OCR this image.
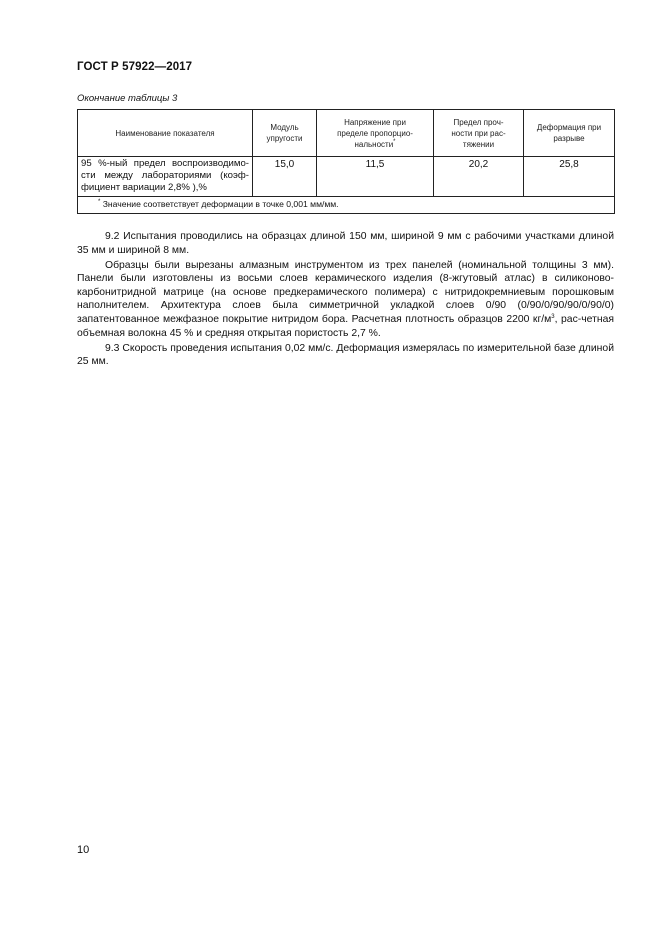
ГОСТ Р 57922—2017
Окончание таблицы 3
Наименование показателя	Модуль упругости	Напряжение при пределе пропорцио-нальности*	Предел проч-ности при рас-тяжении	Деформация при разрыве
95 %-ный предел воспроизводимо-сти между лабораториями (коэф-фициент вариации 2,8% ),%	15,0	11,5	20,2	25,8
* Значение соответствует деформации в точке 0,001 мм/мм.				

9.2 Испытания проводились на образцах длиной 150 мм, шириной 9 мм с рабочими участками длиной 35 мм и шириной 8 мм.

Образцы были вырезаны алмазным инструментом из трех панелей (номинальной толщины 3 мм). Панели были изготовлены из восьми слоев керамического изделия (8-жгутовый атлас) в силиконово-карбонитридной матрице (на основе предкерамического полимера) с нитридокремниевым порошковым наполнителем. Архитектура слоев была симметричной укладкой слоев 0/90 (0/90/0/90/90/0/90/0) запатентованное межфазное покрытие нитридом бора. Расчетная плотность образцов 2200 $кг/м^3$, рас-четная объемная волокна 45 % и средняя открытая пористость 2,7 %.

9.3 Скорость проведения испытания 0,02 мм/с. Деформация измерялась по измерительной базе длиной 25 мм.

10
